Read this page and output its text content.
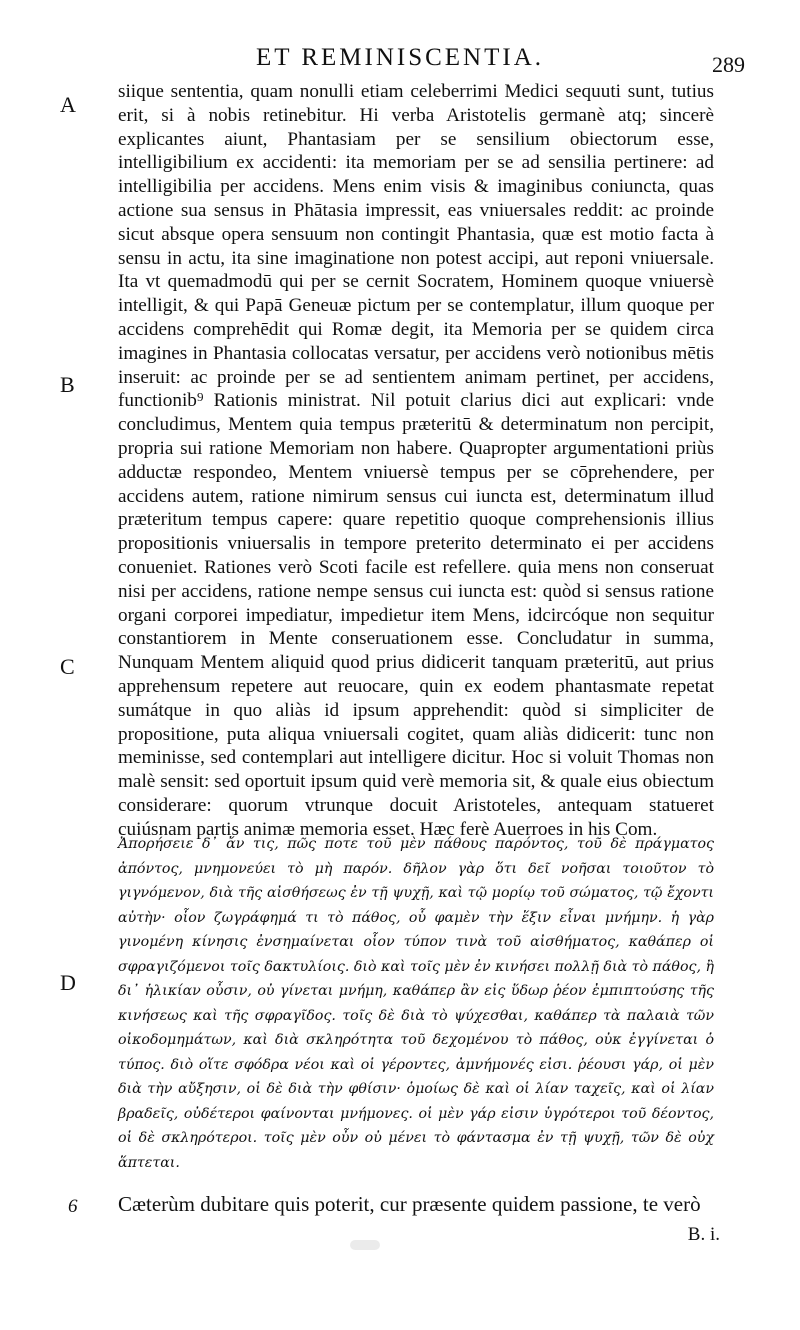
ET REMINISCENTIA.	289
A
B
C
D
siique sententia, quam nonulli etiam celeberrimi Medici sequuti sunt, tutius erit, si à nobis retinebitur. Hi verba Aristotelis germanè atq; sincerè explicantes aiunt, Phantasiam per se sensilium obiectorum esse, intelligibilium ex accidenti: ita memoriam per se ad sensilia pertinere: ad intelligibilia per accidens. Mens enim visis & imaginibus coniuncta, quas actione sua sensus in Phātasia impressit, eas vniuersales reddit: ac proinde sicut absque opera sensuum non contingit Phantasia, quæ est motio facta à sensu in actu, ita sine imaginatione non potest accipi, aut reponi vniuersale. Ita vt quemadmodū qui per se cernit Socratem, Hominem quoque vniuersè intelligit, & qui Papā Geneuæ pictum per se contemplatur, illum quoque per accidens comprehēdit qui Romæ degit, ita Memoria per se quidem circa imagines in Phantasia collocatas versatur, per accidens verò notionibus mētis inseruit: ac proinde per se ad sentientem animam pertinet, per accidens, functionib⁹ Rationis ministrat. Nil potuit clarius dici aut explicari: vnde concludimus, Mentem quia tempus præteritū & determinatum non percipit, propria sui ratione Memoriam non habere. Quapropter argumentationi priùs adductæ respondeo, Mentem vniuersè tempus per se cōprehendere, per accidens autem, ratione nimirum sensus cui iuncta est, determinatum illud præteritum tempus capere: quare repetitio quoque comprehensionis illius propositionis vniuersalis in tempore preterito determinato ei per accidens conueniet. Rationes verò Scoti facile est refellere. quia mens non conseruat nisi per accidens, ratione nempe sensus cui iuncta est: quòd si sensus ratione organi corporei impediatur, impedietur item Mens, idcircóque non sequitur constantiorem in Mente conseruationem esse. Concludatur in summa, Nunquam Mentem aliquid quod prius didicerit tanquam præteritū, aut prius apprehensum repetere aut reuocare, quin ex eodem phantasmate repetat sumátque in quo aliàs id ipsum apprehendit: quòd si simpliciter de propositione, puta aliqua vniuersali cogitet, quam aliàs didicerit: tunc non meminisse, sed contemplari aut intelligere dicitur. Hoc si voluit Thomas non malè sensit: sed oportuit ipsum quid verè memoria sit, & quale eius obiectum considerare: quorum vtrunque docuit Aristoteles, antequam statueret cuiúsnam partis animæ memoria esset. Hæc ferè Auerroes in his Com.
Ἀπορήσειε δ᾽ ἄν τις, πῶς ποτε τοῦ μὲν πάθους παρόντος, τοῦ δὲ πράγματος ἀπόντος, μνημονεύει τὸ μὴ παρόν. δῆλον γὰρ ὅτι δεῖ νοῆσαι τοιοῦτον τὸ γιγνόμενον, διὰ τῆς αἰσθήσεως ἐν τῇ ψυχῇ, καὶ τῷ μορίῳ τοῦ σώματος, τῷ ἔχοντι αὐτὴν· οἷον ζωγράφημά τι τὸ πάθος, οὗ φαμὲν τὴν ἕξιν εἶναι μνήμην. ἡ γὰρ γινομένη κίνησις ἐνσημαίνεται οἷον τύπον τινὰ τοῦ αἰσθήματος, καθάπερ οἱ σφραγιζόμενοι τοῖς δακτυλίοις. διὸ καὶ τοῖς μὲν ἐν κινήσει πολλῇ διὰ τὸ πάθος, ἢ δι᾽ ἡλικίαν οὖσιν, οὐ γίνεται μνήμη, καθάπερ ἂν εἰς ὕδωρ ῥέον ἐμπιπτούσης τῆς κινήσεως καὶ τῆς σφραγῖδος. τοῖς δὲ διὰ τὸ ψύχεσθαι, καθάπερ τὰ παλαιὰ τῶν οἰκοδομημάτων, καὶ διὰ σκληρότητα τοῦ δεχομένου τὸ πάθος, οὐκ ἐγγίνεται ὁ τύπος. διὸ οἵτε σφόδρα νέοι καὶ οἱ γέροντες, ἀμνήμονές εἰσι. ῥέουσι γάρ, οἱ μὲν διὰ τὴν αὔξησιν, οἱ δὲ διὰ τὴν φθίσιν· ὁμοίως δὲ καὶ οἱ λίαν ταχεῖς, καὶ οἱ λίαν βραδεῖς, οὐδέτεροι φαίνονται μνήμονες. οἱ μὲν γάρ εἰσιν ὑγρότεροι τοῦ δέοντος, οἱ δὲ σκληρότεροι. τοῖς μὲν οὖν οὐ μένει τὸ φάντασμα ἐν τῇ ψυχῇ, τῶν δὲ οὐχ ἅπτεται.
6 Cæterùm dubitare quis poterit, cur præsente quidem passione, te verò
B. i.
